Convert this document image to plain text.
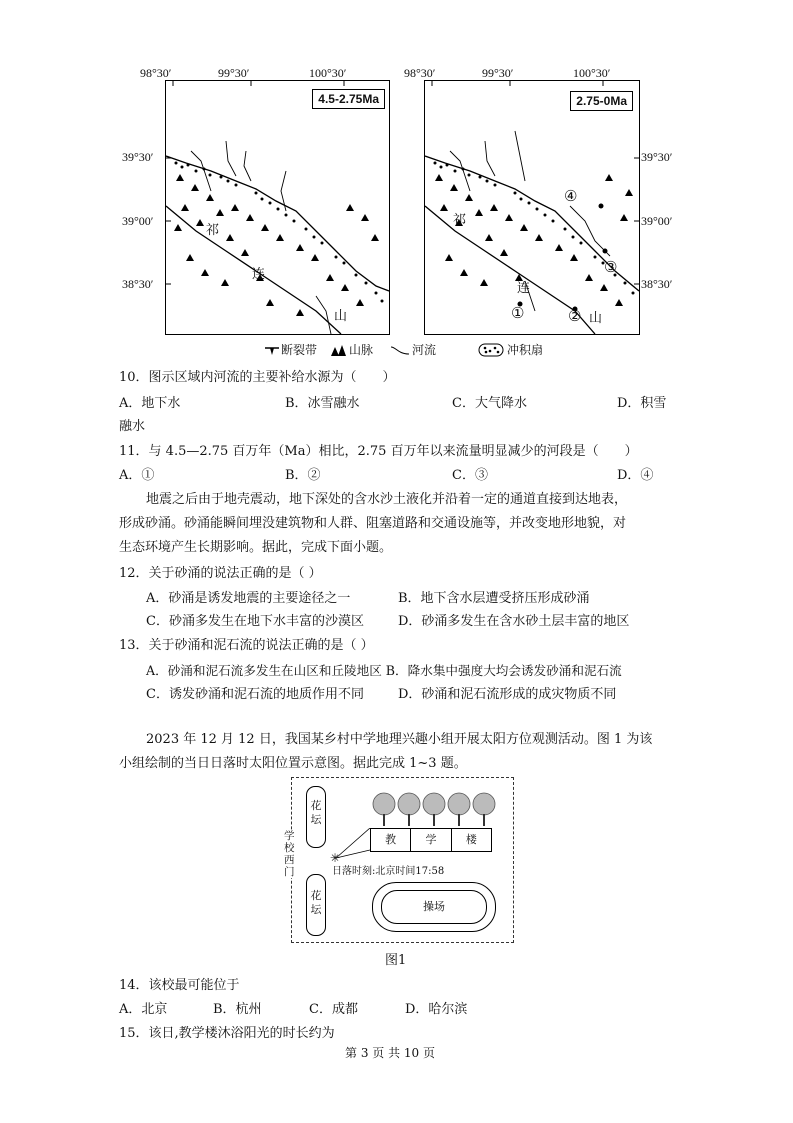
98°30′	99°30′	100°30′
39°30′
39°00′
38°30′
4.5-2.75Ma
祁
连
山
98°30′	99°30′	100°30′
39°30′
39°00′
38°30′
2.75-0Ma
祁
连
山
①	②
③
④
断裂带	山脉	河流	冲积扇
10．图示区域内河流的主要补给水源为（　　）
A．地下水	B．冰雪融水	C．大气降水	D．积雪
融水
11．与 4.5—2.75 百万年（Ma）相比，2.75 百万年以来流量明显减少的河段是（　　）
A．①	B．②	C．③	D．④
地震之后由于地壳震动，地下深处的含水沙土液化并沿着一定的通道直接到达地表，
形成砂涌。砂涌能瞬间埋没建筑物和人群、阻塞道路和交通设施等，并改变地形地貌，对
生态环境产生长期影响。据此，完成下面小题。
12．关于砂涌的说法正确的是（ ）
A．砂涌是诱发地震的主要途径之一	B．地下含水层遭受挤压形成砂涌
C．砂涌多发生在地下水丰富的沙漠区	D．砂涌多发生在含水砂土层丰富的地区
13．关于砂涌和泥石流的说法正确的是（ ）
A．砂涌和泥石流多发生在山区和丘陵地区 B．降水集中强度大均会诱发砂涌和泥石流
C．诱发砂涌和泥石流的地质作用不同	D．砂涌和泥石流形成的成灾物质不同
2023 年 12 月 12 日，我国某乡村中学地理兴趣小组开展太阳方位观测活动。图 1 为该
小组绘制的当日日落时太阳位置示意图。据此完成 1~3 题。
花坛
花坛
学校西门
教	学	楼
✳
日落时刻:北京时间17:58
操场
图1
14．该校最可能位于
A．北京	B．杭州	C．成都	D．哈尔滨
15．该日,教学楼沐浴阳光的时长约为
第 3 页 共 10 页
